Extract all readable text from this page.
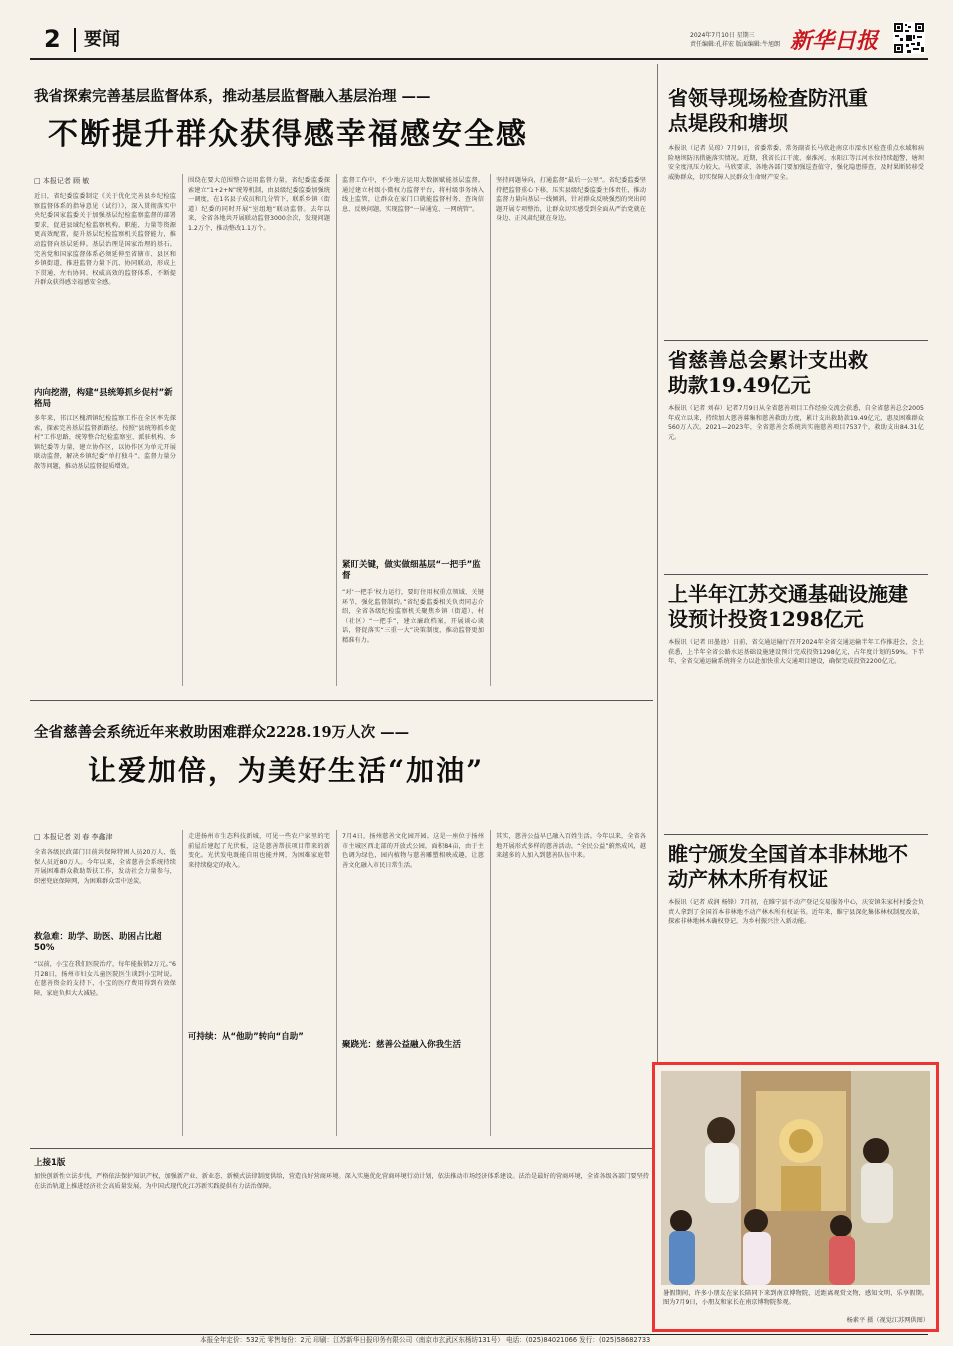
2 要闻	2024年7月10日 星期三
责任编辑:孔祥宏 版面编辑:牛旭朗 新华日报
我省探索完善基层监督体系，推动基层监督融入基层治理 ——
不断提升群众获得感幸福感安全感
□ 本报记者 顾 敏
近日，省纪委监委制定《关于优化完善县乡纪检监察监督体系的指导意见（试行）》，深入贯彻落实中央纪委国家监委关于加强基层纪检监察监督的部署要求，促进县域纪检监察机构、职能、力量等资源更高效配置，提升基层纪检监察机关监督能力，推动监督向基层延伸。基层治理是国家治理的基石。完善党和国家监督体系必须延伸至省辖市、县区和乡镇街道，推进监督力量下沉、协同联动，形成上下贯通、左右协同、权威高效的监督体系，不断提升群众获得感幸福感安全感。
内向挖潜，构建“县统筹抓乡促村”新格局
多年来，邗江区槐泗镇纪检监察工作在全区率先探索，探索完善基层监督新路径。按照“县统筹抓乡促村”工作思路，统筹整合纪检监察室、派驻机构、乡镇纪委等力量，建立协作区，以协作区为单元开展联动监督，解决乡镇纪委“单打独斗”、监督力量分散等问题，推动基层监督提质增效。
围绕在要大范围整合运用监督力量，省纪委监委探索建立“1+2+N”统筹机制，由县级纪委监委加强统一调度，在1名县子成员和几分管下，联系乡镇（街道）纪委的同时开展“室组地”联动监督。去年以来，全省各地共开展联动监督3000余次，发现问题1.2万个，推动整改1.1万个。
监督工作中，不少地方运用大数据赋能基层监督。通过建立村级小微权力监督平台，将村级事务纳入线上监管，让群众在家门口就能监督村务、查询信息、反映问题，实现监督“一屏通览、一网统管”。
紧盯关键，做实做细基层“一把手”监督
“对‘一把手’权力运行，要盯住用权重点领域、关键环节，强化监督制约。”省纪委监委相关负责同志介绍，全省各级纪检监察机关聚焦乡镇（街道）、村（社区）“一把手”，建立廉政档案，开展谈心谈话，督促落实“三重一大”决策制度，推动监督更加精准有力。
坚持问题导向，打通监督“最后一公里”。省纪委监委坚持把监督重心下移，压实县级纪委监委主体责任，推动监督力量向基层一线倾斜，针对群众反映强烈的突出问题开展专项整治，让群众切实感受到全面从严治党就在身边、正风肃纪就在身边。
全省慈善会系统近年来救助困难群众2228.19万人次 ——
让爱加倍，为美好生活“加油”
□ 本报记者 刘 春 李鑫津
全省各级民政部门目前共保障特困人员20万人、低保人员近80万人。今年以来，全省慈善会系统持续开展困难群众救助帮扶工作，发动社会力量参与，织密兜底保障网，为困难群众雪中送炭。
救急难：助学、助医、助困占比超50%
“以前，小宝在我们医院治疗，每年能报销2万元。”6月28日，扬州市妇女儿童医院医生谈到小宝时说。在慈善资金的支持下，小宝的医疗费用得到有效保障，家庭负担大大减轻。
走进扬州市生态科技新城，可见一些农户家里的宅前屋后建起了光伏板，这是慈善帮扶项目带来的新变化。光伏发电既能自用也能并网，为困难家庭带来持续稳定的收入。
可持续：从“他助”转向“自助”
7月4日，扬州慈善文化园开园。这是一座位于扬州市主城区西北部的开放式公园，面积84亩，由于主色调为绿色，园内植物与慈善雕塑相映成趣，让慈善文化融入市民日常生活。
聚跷光：慈善公益融入你我生活
其实，慈善公益早已融入百姓生活。今年以来，全省各地开展形式多样的慈善活动，“全民公益”蔚然成风，越来越多的人加入到慈善队伍中来。
上接1版
加快创新性立法步伐，严格依法保护知识产权，加强新产业、新业态、新模式法律制度供给，营造良好营商环境。深入实施优化营商环境行动计划，依法推动市场经济体系建设。法治是最好的营商环境，全省各级各部门要坚持在法治轨道上推进经济社会高质量发展，为中国式现代化江苏新实践提供有力法治保障。
省领导现场检查防汛重点堤段和塘坝
本报讯（记者 吴琼）7月9日，省委常委、常务副省长马欣赴南京市溧水区检查重点水域和病险塘坝防汛措施落实情况。近期，我省长江干流、秦淮河、水阳江等江河水位持续超警，塘坝安全度汛压力较大。马欣要求，各地各部门要加强巡查值守，强化隐患排查，及时果断转移受威胁群众，切实保障人民群众生命财产安全。
省慈善总会累计支出救助款19.49亿元
本报讯（记者 刘春）记者7月9日从全省慈善项目工作经验交流会获悉，自全省慈善总会2005年成立以来，持续加大慈善募集和慈善救助力度，累计支出救助款19.49亿元，惠及困难群众560万人次。2021—2023年，全省慈善会系统共实施慈善项目7537个，救助支出84.31亿元。
上半年江苏交通基础设施建设预计投资1298亿元
本报讯（记者 田墨池）日前，省交通运输厅召开2024年全省交通运输半年工作推进会，会上获悉，上半年全省公路水运基础设施建设预计完成投资1298亿元，占年度计划的59%。下半年，全省交通运输系统将全力以赴加快重大交通项目建设，确保完成投资2200亿元。
睢宁颁发全国首本非林地不动产林木所有权证
本报讯（记者 成润 杨锋）7月初，在睢宁县不动产登记交易服务中心，庆安镇朱家村村委会负责人拿到了全国首本非林地不动产林木所有权证书。近年来，睢宁县深化集体林权制度改革，探索非林地林木确权登记，为乡村振兴注入新动能。
暑假期间，许多小朋友在家长陪同下来到南京博物院，近距离观赏文物，感知文明，乐享假期。图为7月9日，小朋友和家长在南京博物院参观。
杨素平 摄（视觉江苏网供图）
本报全年定价：532元 零售每份：2元 印刷：江苏新华日报印务有限公司（南京市玄武区东杨坊131号） 电话：(025)84021066 发行：(025)58682733
